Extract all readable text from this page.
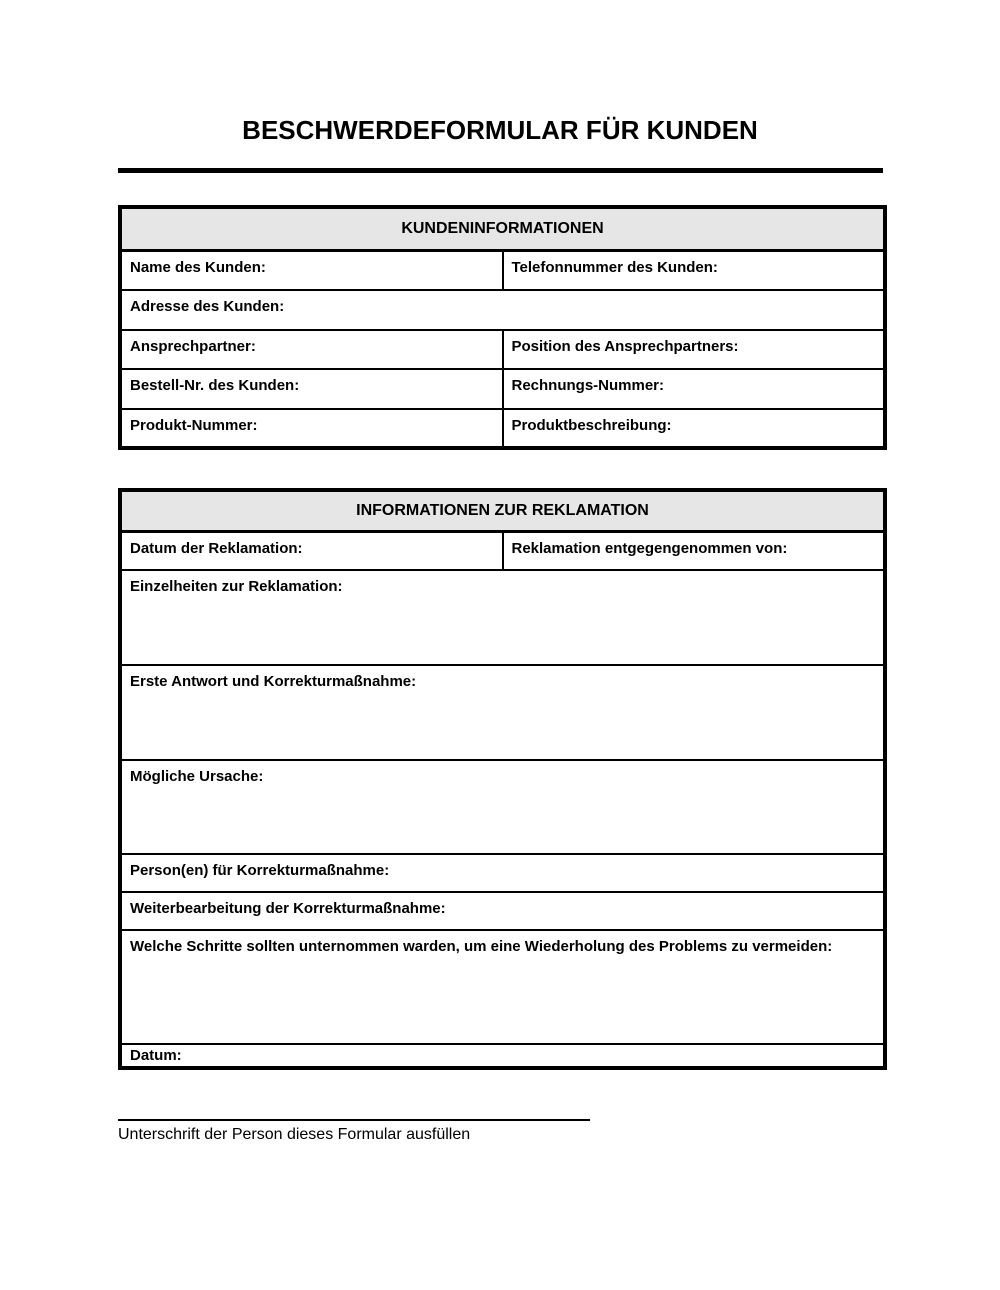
BESCHWERDEFORMULAR FÜR KUNDEN
KUNDENINFORMATIONEN	
Name des Kunden:	Telefonnummer des Kunden:
Adresse des Kunden:	
Ansprechpartner:	Position des Ansprechpartners:
Bestell-Nr. des Kunden:	Rechnungs-Nummer:
Produkt-Nummer:	Produktbeschreibung:
INFORMATIONEN ZUR REKLAMATION
Datum der Reklamation:	Reklamation entgegengenommen von:
Einzelheiten zur Reklamation:
Erste Antwort und Korrekturmaßnahme:
Mögliche Ursache:
Person(en) für Korrekturmaßnahme:
Weiterbearbeitung der Korrekturmaßnahme:

Welche Schritte sollten unternommen warden, um eine Wiederholung des Problems zu vermeiden:

Datum:
Unterschrift der Person dieses Formular ausfüllen
